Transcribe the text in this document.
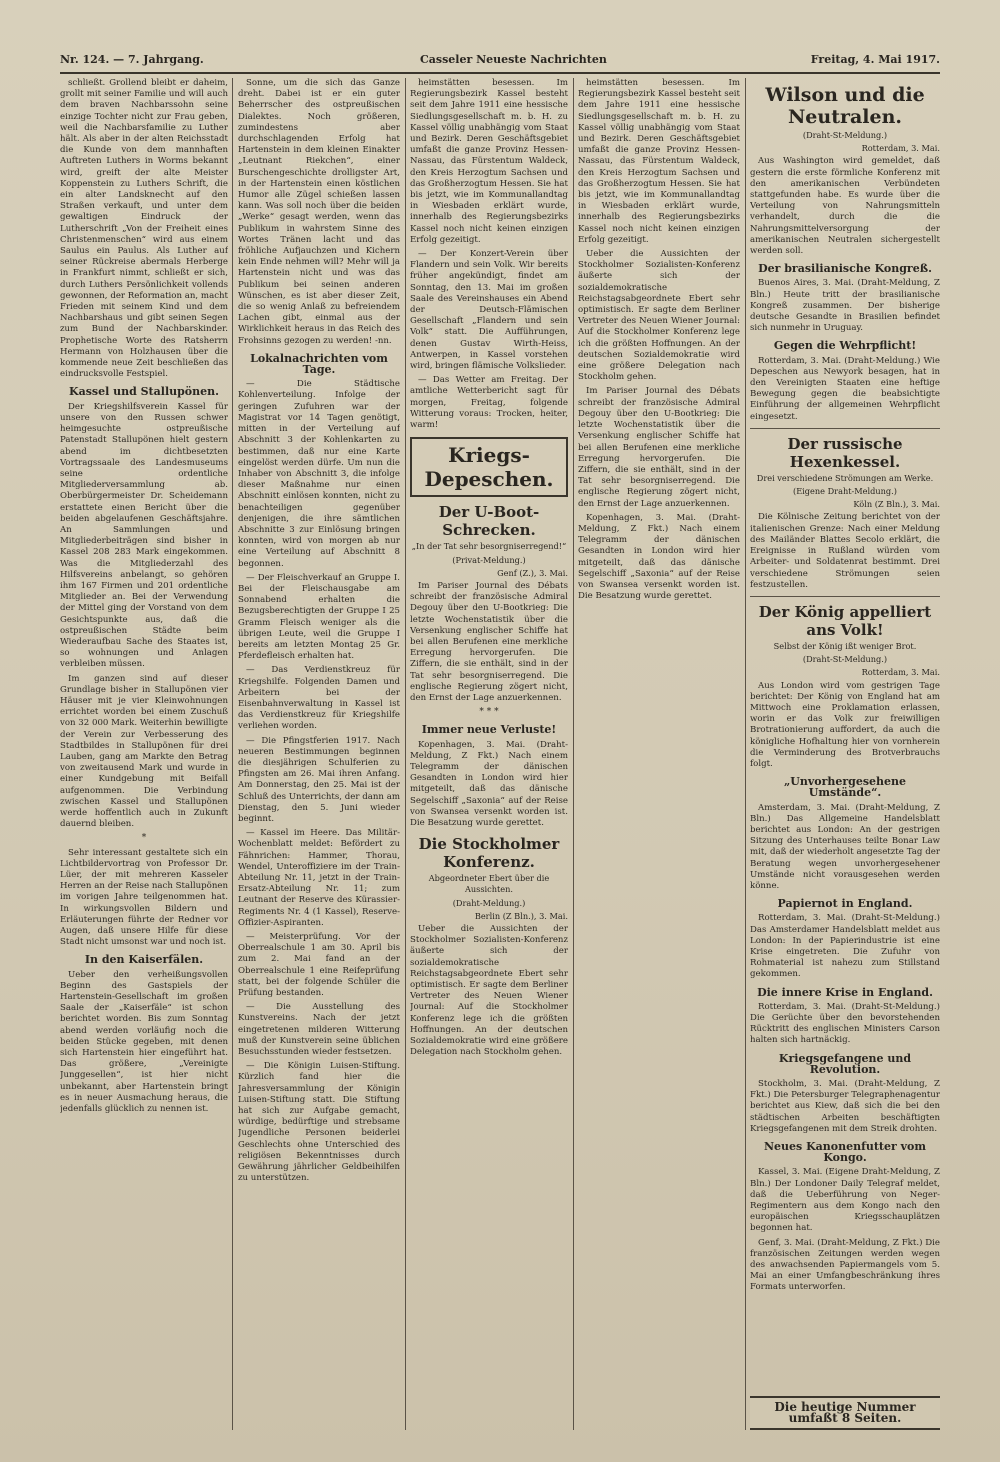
Nr. 124. — 7. Jahrgang.	Casseler Neueste Nachrichten	Freitag, 4. Mai 1917.

schließt. Grollend bleibt er daheim, grollt mit seiner Familie und will auch dem braven Nachbarssohn seine einzige Tochter nicht zur Frau geben, weil die Nachbarsfamilie zu Luther hält. Als aber in der alten Reichsstadt die Kunde von dem mannhaften Auftreten Luthers in Worms bekannt wird, greift der alte Meister Koppenstein zu Luthers Schrift, die ein alter Landsknecht auf den Straßen verkauft, und unter dem gewaltigen Eindruck der Lutherschrift „Von der Freiheit eines Christenmenschen“ wird aus einem Saulus ein Paulus. Als Luther auf seiner Rückreise abermals Herberge in Frankfurt nimmt, schließt er sich, durch Luthers Persönlichkeit vollends gewonnen, der Reformation an, macht Frieden mit seinem Kind und dem Nachbarshaus und gibt seinen Segen zum Bund der Nachbarskinder. Prophetische Worte des Ratsherrn Hermann von Holzhausen über die kommende neue Zeit beschließen das eindrucksvolle Festspiel.

Kassel und Stallupönen.

Der Kriegshilfsverein Kassel für unsere von den Russen schwer heimgesuchte ostpreußische Patenstadt Stallupönen hielt gestern abend im dichtbesetzten Vortragssaale des Landesmuseums seine ordentliche Mitgliederversammlung ab. Oberbürgermeister Dr. Scheidemann erstattete einen Bericht über die beiden abgelaufenen Geschäftsjahre. An Sammlungen und Mitgliederbeiträgen sind bisher in Kassel 208 283 Mark eingekommen. Was die Mitgliederzahl des Hilfsvereins anbelangt, so gehören ihm 167 Firmen und 201 ordentliche Mitglieder an. Bei der Verwendung der Mittel ging der Vorstand von dem Gesichtspunkte aus, daß die ostpreußischen Städte beim Wiederaufbau Sache des Staates ist, so wohnungen und Anlagen verbleiben müssen.

Im ganzen sind auf dieser Grundlage bisher in Stallupönen vier Häuser mit je vier Kleinwohnungen errichtet worden bei einem Zuschuß von 32 000 Mark. Weiterhin bewilligte der Verein zur Verbesserung des Stadtbildes in Stallupönen für drei Lauben, gang am Markte den Betrag von zweitausend Mark und wurde in einer Kundgebung mit Beifall aufgenommen. Die Verbindung zwischen Kassel und Stallupönen werde hoffentlich auch in Zukunft dauernd bleiben.

*

Sehr interessant gestaltete sich ein Lichtbildervortrag von Professor Dr. Lüer, der mit mehreren Kasseler Herren an der Reise nach Stallupönen im vorigen Jahre teilgenommen hat. In wirkungsvollen Bildern und Erläuterungen führte der Redner vor Augen, daß unsere Hilfe für diese Stadt nicht umsonst war und noch ist.

In den Kaiserfälen.

Ueber den verheißungsvollen Beginn des Gastspiels der Hartenstein-Gesellschaft im großen Saale der „Kaiserfäle“ ist schon berichtet worden. Bis zum Sonntag abend werden vorläufig noch die beiden Stücke gegeben, mit denen sich Hartenstein hier eingeführt hat. Das größere, „Vereinigte Junggesellen“, ist hier nicht unbekannt, aber Hartenstein bringt es in neuer Ausmachung heraus, die jedenfalls glücklich zu nennen ist.

Sonne, um die sich das Ganze dreht. Dabei ist er ein guter Beherrscher des ostpreußischen Dialektes. Noch größeren, zumindestens aber durchschlagenden Erfolg hat Hartenstein in dem kleinen Einakter „Leutnant Riekchen“, einer Burschengeschichte drolligster Art, in der Hartenstein einen köstlichen Humor alle Zügel schießen lassen kann. Was soll noch über die beiden „Werke“ gesagt werden, wenn das Publikum in wahrstem Sinne des Wortes Tränen lacht und das fröhliche Aufjauchzen und Kichern kein Ende nehmen will? Mehr will ja Hartenstein nicht und was das Publikum bei seinen anderen Wünschen, es ist aber dieser Zeit, die so wenig Anlaß zu befreiendem Lachen gibt, einmal aus der Wirklichkeit heraus in das Reich des Frohsinns gezogen zu werden! -nn.

Lokalnachrichten vom Tage.

— Die Städtische Kohlenverteilung. Infolge der geringen Zufuhren war der Magistrat vor 14 Tagen genötigt, mitten in der Verteilung auf Abschnitt 3 der Kohlenkarten zu bestimmen, daß nur eine Karte eingelöst werden dürfe. Um nun die Inhaber von Abschnitt 3, die infolge dieser Maßnahme nur einen Abschnitt einlösen konnten, nicht zu benachteiligen gegenüber denjenigen, die ihre sämtlichen Abschnitte 3 zur Einlösung bringen konnten, wird von morgen ab nur eine Verteilung auf Abschnitt 8 begonnen.

— Der Fleischverkauf an Gruppe I. Bei der Fleischausgabe am Sonnabend erhalten die Bezugsberechtigten der Gruppe I 25 Gramm Fleisch weniger als die übrigen Leute, weil die Gruppe I bereits am letzten Montag 25 Gr. Pferdefleisch erhalten hat.

— Das Verdienstkreuz für Kriegshilfe. Folgenden Damen und Arbeitern bei der Eisenbahnverwaltung in Kassel ist das Verdienstkreuz für Kriegshilfe verliehen worden.

— Die Pfingstferien 1917. Nach neueren Bestimmungen beginnen die diesjährigen Schulferien zu Pfingsten am 26. Mai ihren Anfang. Am Donnerstag, den 25. Mai ist der Schluß des Unterrichts, der dann am Dienstag, den 5. Juni wieder beginnt.

— Kassel im Heere. Das Militär-Wochenblatt meldet: Befördert zu Fähnrichen: Hammer, Thorau, Wendel, Unteroffiziere im der Train-Abteilung Nr. 11, jetzt in der Train-Ersatz-Abteilung Nr. 11; zum Leutnant der Reserve des Kürassier-Regiments Nr. 4 (1 Kassel), Reserve-Offizier-Aspiranten.

— Meisterprüfung. Vor der Oberrealschule 1 am 30. April bis zum 2. Mai fand an der Oberrealschule 1 eine Reifeprüfung statt, bei der folgende Schüler die Prüfung bestanden.

— Die Ausstellung des Kunstvereins. Nach der jetzt eingetretenen milderen Witterung muß der Kunstverein seine üblichen Besuchsstunden wieder festsetzen.

— Die Königin Luisen-Stiftung. Kürzlich fand hier die Jahresversammlung der Königin Luisen-Stiftung statt. Die Stiftung hat sich zur Aufgabe gemacht, würdige, bedürftige und strebsame Jugendliche Personen beiderlei Geschlechts ohne Unterschied des religiösen Bekenntnisses durch Gewährung jährlicher Geldbeihilfen zu unterstützen.

heimstätten besessen. Im Regierungsbezirk Kassel besteht seit dem Jahre 1911 eine hessische Siedlungsgesellschaft m. b. H. zu Kassel völlig unabhängig vom Staat und Bezirk. Deren Geschäftsgebiet umfaßt die ganze Provinz Hessen-Nassau, das Fürstentum Waldeck, den Kreis Herzogtum Sachsen und das Großherzogtum Hessen. Sie hat bis jetzt, wie im Kommunallandtag in Wiesbaden erklärt wurde, innerhalb des Regierungsbezirks Kassel noch nicht keinen einzigen Erfolg gezeitigt.

— Der Konzert-Verein über Flandern und sein Volk. Wir bereits früher angekündigt, findet am Sonntag, den 13. Mai im großen Saale des Vereinshauses ein Abend der Deutsch-Flämischen Gesellschaft „Flandern und sein Volk“ statt. Die Aufführungen, denen Gustav Wirth-Heiss, Antwerpen, in Kassel vorstehen wird, bringen flämische Volkslieder.

— Das Wetter am Freitag. Der amtliche Wetterbericht sagt für morgen, Freitag, folgende Witterung voraus: Trocken, heiter, warm!

Kriegs-Depeschen.
Der U-Boot-Schrecken.
„In der Tat sehr besorgniserregend!“
(Privat-Meldung.)
Genf (Z.), 3. Mai.

Im Pariser Journal des Débats schreibt der französische Admiral Degouy über den U-Bootkrieg: Die letzte Wochenstatistik über die Versenkung englischer Schiffe hat bei allen Berufenen eine merkliche Erregung hervorgerufen. Die Ziffern, die sie enthält, sind in der Tat sehr besorgniserregend. Die englische Regierung zögert nicht, den Ernst der Lage anzuerkennen.

* * *
Immer neue Verluste!

Kopenhagen, 3. Mai. (Draht-Meldung, Z Fkt.) Nach einem Telegramm der dänischen Gesandten in London wird hier mitgeteilt, daß das dänische Segelschiff „Saxonia“ auf der Reise von Swansea versenkt worden ist. Die Besatzung wurde gerettet.

Die Stockholmer Konferenz.
Abgeordneter Ebert über die Aussichten.
(Draht-Meldung.)
Berlin (Z Bln.), 3. Mai.

Ueber die Aussichten der Stockholmer Sozialisten-Konferenz äußerte sich der sozialdemokratische Reichstagsabgeordnete Ebert sehr optimistisch. Er sagte dem Berliner Vertreter des Neuen Wiener Journal: Auf die Stockholmer Konferenz lege ich die größten Hoffnungen. An der deutschen Sozialdemokratie wird eine größere Delegation nach Stockholm gehen.

heimstätten besessen. Im Regierungsbezirk Kassel besteht seit dem Jahre 1911 eine hessische Siedlungsgesellschaft m. b. H. zu Kassel völlig unabhängig vom Staat und Bezirk. Deren Geschäftsgebiet umfaßt die ganze Provinz Hessen-Nassau, das Fürstentum Waldeck, den Kreis Herzogtum Sachsen und das Großherzogtum Hessen. Sie hat bis jetzt, wie im Kommunallandtag in Wiesbaden erklärt wurde, innerhalb des Regierungsbezirks Kassel noch nicht keinen einzigen Erfolg gezeitigt.

Ueber die Aussichten der Stockholmer Sozialisten-Konferenz äußerte sich der sozialdemokratische Reichstagsabgeordnete Ebert sehr optimistisch. Er sagte dem Berliner Vertreter des Neuen Wiener Journal: Auf die Stockholmer Konferenz lege ich die größten Hoffnungen. An der deutschen Sozialdemokratie wird eine größere Delegation nach Stockholm gehen.

Im Pariser Journal des Débats schreibt der französische Admiral Degouy über den U-Bootkrieg: Die letzte Wochenstatistik über die Versenkung englischer Schiffe hat bei allen Berufenen eine merkliche Erregung hervorgerufen. Die Ziffern, die sie enthält, sind in der Tat sehr besorgniserregend. Die englische Regierung zögert nicht, den Ernst der Lage anzuerkennen.

Kopenhagen, 3. Mai. (Draht-Meldung, Z Fkt.) Nach einem Telegramm der dänischen Gesandten in London wird hier mitgeteilt, daß das dänische Segelschiff „Saxonia“ auf der Reise von Swansea versenkt worden ist. Die Besatzung wurde gerettet.

Wilson und die Neutralen.
(Draht-St-Meldung.)
Rotterdam, 3. Mai.

Aus Washington wird gemeldet, daß gestern die erste förmliche Konferenz mit den amerikanischen Verbündeten stattgefunden habe. Es wurde über die Verteilung von Nahrungsmitteln verhandelt, durch die die Nahrungsmittelversorgung der amerikanischen Neutralen sichergestellt werden soll.

Der brasilianische Kongreß.

Buenos Aires, 3. Mai. (Draht-Meldung, Z Bln.) Heute tritt der brasilianische Kongreß zusammen. Der bisherige deutsche Gesandte in Brasilien befindet sich nunmehr in Uruguay.

Gegen die Wehrpflicht!

Rotterdam, 3. Mai. (Draht-Meldung.) Wie Depeschen aus Newyork besagen, hat in den Vereinigten Staaten eine heftige Bewegung gegen die beabsichtigte Einführung der allgemeinen Wehrpflicht eingesetzt.

Der russische Hexenkessel.
Drei verschiedene Strömungen am Werke.
(Eigene Draht-Meldung.)
Köln (Z Bln.), 3. Mai.

Die Kölnische Zeitung berichtet von der italienischen Grenze: Nach einer Meldung des Mailänder Blattes Secolo erklärt, die Ereignisse in Rußland würden vom Arbeiter- und Soldatenrat bestimmt. Drei verschiedene Strömungen seien festzustellen.

Der König appelliert ans Volk!
Selbst der König ißt weniger Brot.
(Draht-St-Meldung.)
Rotterdam, 3. Mai.

Aus London wird vom gestrigen Tage berichtet: Der König von England hat am Mittwoch eine Proklamation erlassen, worin er das Volk zur freiwilligen Brotrationierung auffordert, da auch die königliche Hofhaltung hier von vornherein die Verminderung des Brotverbrauchs folgt.

„Unvorhergesehene Umstände“.

Amsterdam, 3. Mai. (Draht-Meldung, Z Bln.) Das Allgemeine Handelsblatt berichtet aus London: An der gestrigen Sitzung des Unterhauses teilte Bonar Law mit, daß der wiederholt angesetzte Tag der Beratung wegen unvorhergesehener Umstände nicht vorausgesehen werden könne.

Papiernot in England.

Rotterdam, 3. Mai. (Draht-St-Meldung.) Das Amsterdamer Handelsblatt meldet aus London: In der Papierindustrie ist eine Krise eingetreten. Die Zufuhr von Rohmaterial ist nahezu zum Stillstand gekommen.

Die innere Krise in England.

Rotterdam, 3. Mai. (Draht-St-Meldung.) Die Gerüchte über den bevorstehenden Rücktritt des englischen Ministers Carson halten sich hartnäckig.

Kriegsgefangene und Revolution.

Stockholm, 3. Mai. (Draht-Meldung, Z Fkt.) Die Petersburger Telegraphenagentur berichtet aus Kiew, daß sich die bei den städtischen Arbeiten beschäftigten Kriegsgefangenen mit dem Streik drohten.

Neues Kanonenfutter vom Kongo.

Kassel, 3. Mai. (Eigene Draht-Meldung, Z Bln.) Der Londoner Daily Telegraf meldet, daß die Ueberführung von Neger-Regimentern aus dem Kongo nach den europäischen Kriegsschauplätzen begonnen hat.

Genf, 3. Mai. (Draht-Meldung, Z Fkt.) Die französischen Zeitungen werden wegen des anwachsenden Papiermangels vom 5. Mai an einer Umfangbeschränkung ihres Formats unterworfen.

Die heutige Nummer umfaßt 8 Seiten.
